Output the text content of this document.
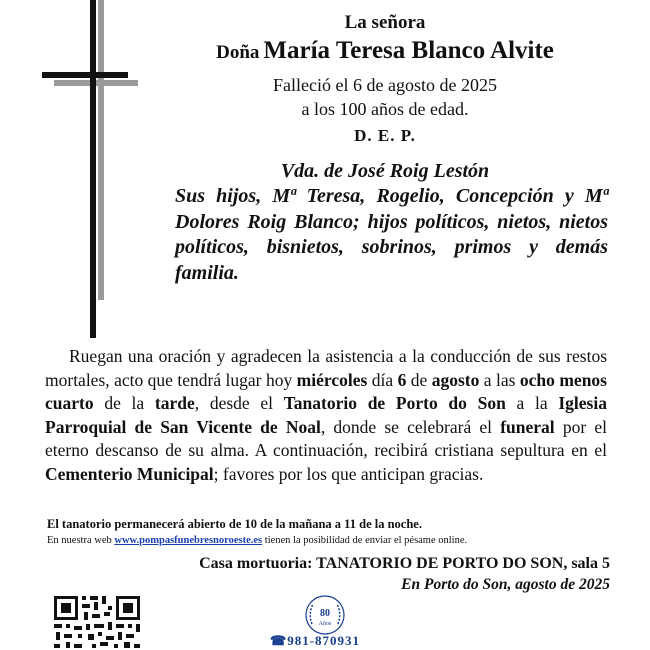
La señora

Doña María Teresa Blanco Alvite

Falleció el 6 de agosto de 2025

a los 100 años de edad.

D. E. P.

Vda. de José Roig Lestón

Sus hijos, Mª Teresa, Rogelio, Concepción y Mª Dolores Roig Blanco; hijos políticos, nietos, nietos políticos, bisnietos, sobrinos, primos y demás familia.

Ruegan una oración y agradecen la asistencia a la conducción de sus restos mortales, acto que tendrá lugar hoy miércoles día 6 de agosto a las ocho menos cuarto de la tarde, desde el Tanatorio de Porto do Son a la Iglesia Parroquial de San Vicente de Noal, donde se celebrará el funeral por el eterno descanso de su alma. A continuación, recibirá cristiana sepultura en el Cementerio Municipal; favores por los que anticipan gracias.

El tanatorio permanecerá abierto de 10 de la mañana a 11 de la noche.

En nuestra web www.pompasfunebresnoroeste.es tienen la posibilidad de enviar el pésame online.

Casa mortuoria: TANATORIO DE PORTO DO SON, sala 5

En Porto do Son, agosto de 2025

80
Años

☎981-870931
